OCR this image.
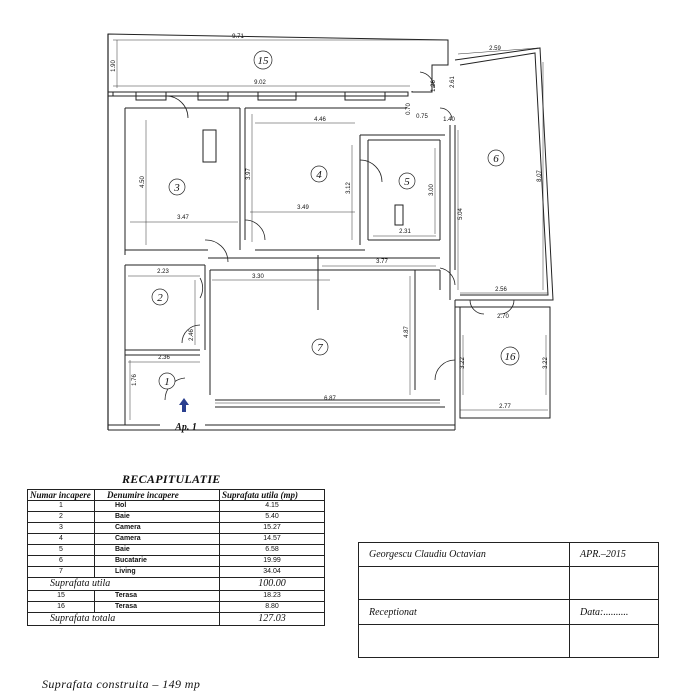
9.71
2.59
9.02
1.90
2.61
1.26
4.46
0.70
0.75	1.40
4.50
3.47
3.97
3.49
3.12	3.00
2.31
5.04
8.07
3.77
3.30
2.23
2.46
2.36
1.76
4.87
6.87
2.56
2.70
3.22	3.22
2.77
1
2
3
4
5
6
7
15
16
Ap. 1
RECAPITULATIE
Numar incapere	Denumire incapere	Suprafata utila (mp)
1	Hol	4.15
2	Baie	5.40
3	Camera	15.27
4	Camera	14.57
5	Baie	6.58
6	Bucatarie	19.99
7	Living	34.04
Suprafata utila		100.00
15	Terasa	18.23
16	Terasa	8.80
Suprafata totala		127.03
Suprafata construita – 149 mp
Georgescu Claudiu Octavian	APR.–2015

Receptionat	Data:..........
